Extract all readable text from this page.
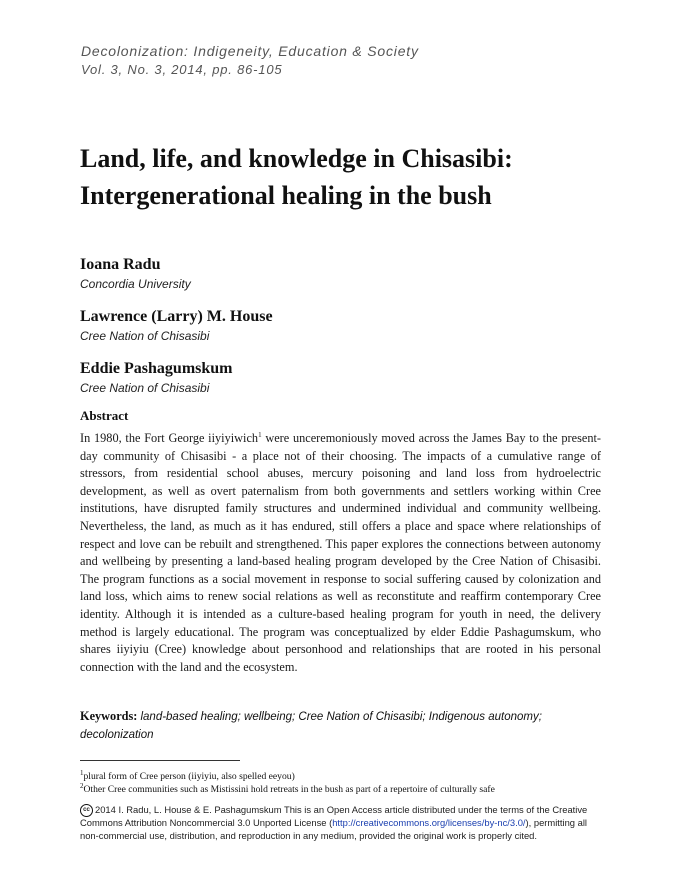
Decolonization: Indigeneity, Education & Society
Vol. 3, No. 3, 2014, pp. 86-105
Land, life, and knowledge in Chisasibi:
Intergenerational healing in the bush
Ioana Radu
Concordia University
Lawrence (Larry) M. House
Cree Nation of Chisasibi
Eddie Pashagumskum
Cree Nation of Chisasibi
Abstract
In 1980, the Fort George iiyiyiwich$^1$ were unceremoniously moved across the James Bay to the present-day community of Chisasibi - a place not of their choosing. The impacts of a cumulative range of stressors, from residential school abuses, mercury poisoning and land loss from hydroelectric development, as well as overt paternalism from both governments and settlers working within Cree institutions, have disrupted family structures and undermined individual and community wellbeing. Nevertheless, the land, as much as it has endured, still offers a place and space where relationships of respect and love can be rebuilt and strengthened. This paper explores the connections between autonomy and wellbeing by presenting a land-based healing program developed by the Cree Nation of Chisasibi. The program functions as a social movement in response to social suffering caused by colonization and land loss, which aims to renew social relations as well as reconstitute and reaffirm contemporary Cree identity. Although it is intended as a culture-based healing program for youth in need, the delivery method is largely educational. The program was conceptualized by elder Eddie Pashagumskum, who shares iiyiyiu (Cree) knowledge about personhood and relationships that are rooted in his personal connection with the land and the ecosystem.
Keywords: land-based healing; wellbeing; Cree Nation of Chisasibi; Indigenous autonomy; decolonization
$^1$plural form of Cree person (iiyiyiu, also spelled eeyou)
$^2$Other Cree communities such as Mistissini hold retreats in the bush as part of a repertoire of culturally safe
cc 2014 I. Radu, L. House & E. Pashagumskum This is an Open Access article distributed under the terms of the Creative Commons Attribution Noncommercial 3.0 Unported License (http://creativecommons.org/licenses/by-nc/3.0/), permitting all non-commercial use, distribution, and reproduction in any medium, provided the original work is properly cited.
